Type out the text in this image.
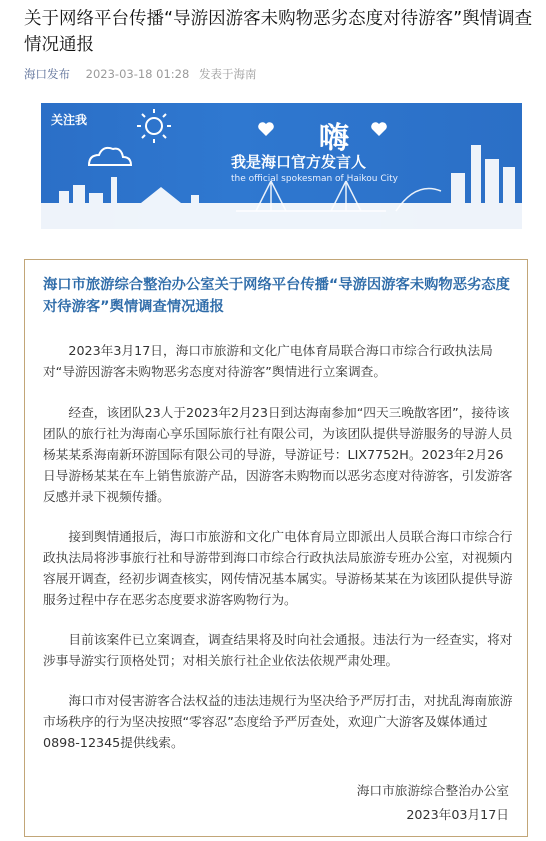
关于网络平台传播“导游因游客未购物恶劣态度对待游客”舆情调查情况通报
海口发布 2023-03-18 01:28 发表于海南
关注我
嗨
我是海口官方发言人
the official spokesman of Haikou City
海口市旅游综合整治办公室关于网络平台传播“导游因游客未购物恶劣态度对待游客”舆情调查情况通报

2023年3月17日，海口市旅游和文化广电体育局联合海口市综合行政执法局对“导游因游客未购物恶劣态度对待游客”舆情进行立案调查。

经查，该团队23人于2023年2月23日到达海南参加“四天三晚散客团”，接待该团队的旅行社为海南心享乐国际旅行社有限公司，为该团队提供导游服务的导游人员杨某某系海南新环游国际有限公司的导游，导游证号：LIX7752H。2023年2月26日导游杨某某在车上销售旅游产品，因游客未购物而以恶劣态度对待游客，引发游客反感并录下视频传播。

接到舆情通报后，海口市旅游和文化广电体育局立即派出人员联合海口市综合行政执法局将涉事旅行社和导游带到海口市综合行政执法局旅游专班办公室，对视频内容展开调查，经初步调查核实，网传情况基本属实。导游杨某某在为该团队提供导游服务过程中存在恶劣态度要求游客购物行为。

目前该案件已立案调查，调查结果将及时向社会通报。违法行为一经查实，将对涉事导游实行顶格处罚；对相关旅行社企业依法依规严肃处理。

海口市对侵害游客合法权益的违法违规行为坚决给予严厉打击，对扰乱海南旅游市场秩序的行为坚决按照“零容忍”态度给予严厉查处，欢迎广大游客及媒体通过0898-12345提供线索。

海口市旅游综合整治办公室
2023年03月17日
